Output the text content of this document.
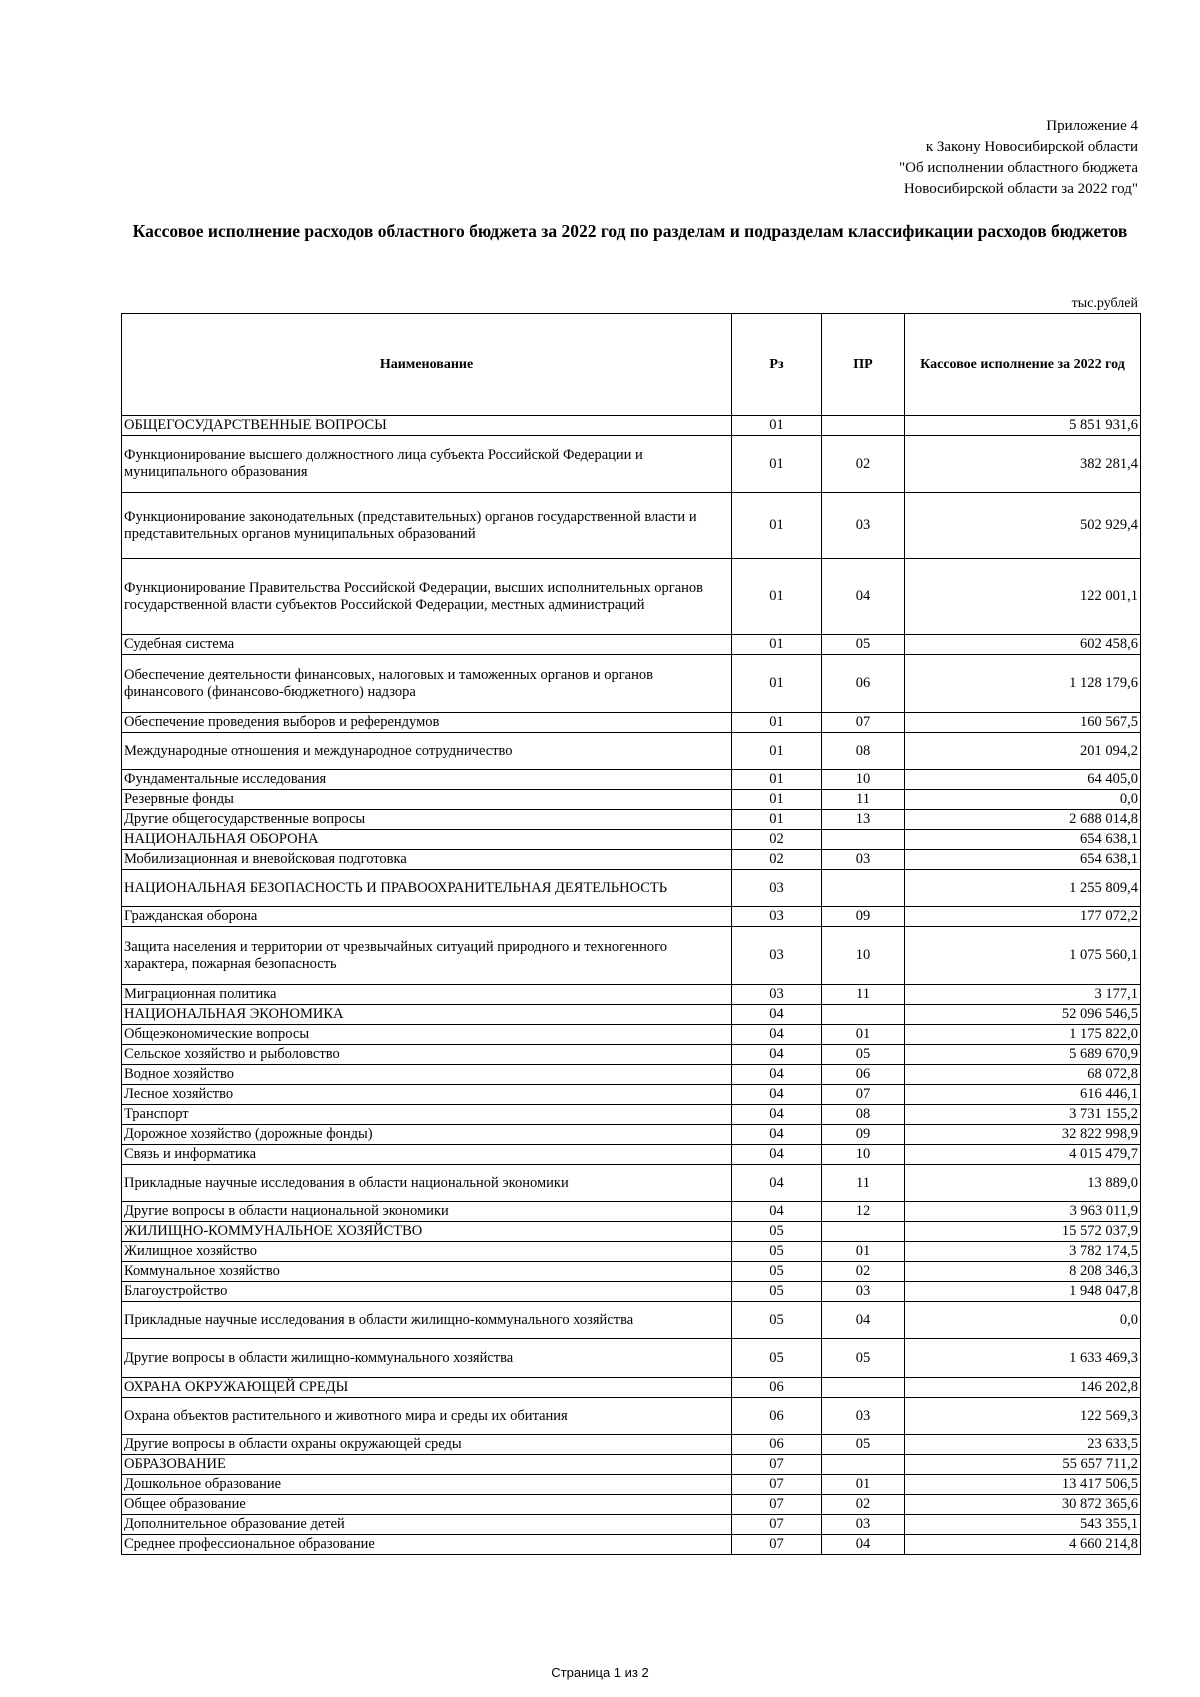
Приложение 4
к Закону Новосибирской области
"Об исполнении областного бюджета
Новосибирской области за 2022 год"
Кассовое исполнение расходов областного бюджета за 2022 год по разделам и подразделам классификации расходов бюджетов
тыс.рублей
Наименование	Рз	ПР	Кассовое исполнение за 2022 год
ОБЩЕГОСУДАРСТВЕННЫЕ ВОПРОСЫ	01		5 851 931,6
Функционирование высшего должностного лица субъекта Российской Федерации и муниципального образования	01	02	382 281,4
Функционирование законодательных (представительных) органов государственной власти и представительных органов муниципальных образований	01	03	502 929,4
Функционирование Правительства Российской Федерации, высших исполнительных органов государственной власти субъектов Российской Федерации, местных администраций	01	04	122 001,1
Судебная система	01	05	602 458,6
Обеспечение деятельности финансовых, налоговых и таможенных органов и органов финансового (финансово-бюджетного) надзора	01	06	1 128 179,6
Обеспечение проведения выборов и референдумов	01	07	160 567,5
Международные отношения и международное сотрудничество	01	08	201 094,2
Фундаментальные исследования	01	10	64 405,0
Резервные фонды	01	11	0,0
Другие общегосударственные вопросы	01	13	2 688 014,8
НАЦИОНАЛЬНАЯ ОБОРОНА	02		654 638,1
Мобилизационная и вневойсковая подготовка	02	03	654 638,1
НАЦИОНАЛЬНАЯ БЕЗОПАСНОСТЬ И ПРАВООХРАНИТЕЛЬНАЯ ДЕЯТЕЛЬНОСТЬ	03		1 255 809,4
Гражданская оборона	03	09	177 072,2
Защита населения и территории от чрезвычайных ситуаций природного и техногенного характера, пожарная безопасность	03	10	1 075 560,1
Миграционная политика	03	11	3 177,1
НАЦИОНАЛЬНАЯ ЭКОНОМИКА	04		52 096 546,5
Общеэкономические вопросы	04	01	1 175 822,0
Сельское хозяйство и рыболовство	04	05	5 689 670,9
Водное хозяйство	04	06	68 072,8
Лесное хозяйство	04	07	616 446,1
Транспорт	04	08	3 731 155,2
Дорожное хозяйство (дорожные фонды)	04	09	32 822 998,9
Связь и информатика	04	10	4 015 479,7
Прикладные научные исследования в области национальной экономики	04	11	13 889,0
Другие вопросы в области национальной экономики	04	12	3 963 011,9
ЖИЛИЩНО-КОММУНАЛЬНОЕ ХОЗЯЙСТВО	05		15 572 037,9
Жилищное хозяйство	05	01	3 782 174,5
Коммунальное хозяйство	05	02	8 208 346,3
Благоустройство	05	03	1 948 047,8
Прикладные научные исследования в области жилищно-коммунального хозяйства	05	04	0,0
Другие вопросы в области жилищно-коммунального хозяйства	05	05	1 633 469,3
ОХРАНА ОКРУЖАЮЩЕЙ СРЕДЫ	06		146 202,8
Охрана объектов растительного и животного мира и среды их обитания	06	03	122 569,3
Другие вопросы в области охраны окружающей среды	06	05	23 633,5
ОБРАЗОВАНИЕ	07		55 657 711,2
Дошкольное образование	07	01	13 417 506,5
Общее образование	07	02	30 872 365,6
Дополнительное образование детей	07	03	543 355,1
Среднее профессиональное образование	07	04	4 660 214,8
Страница 1 из 2
